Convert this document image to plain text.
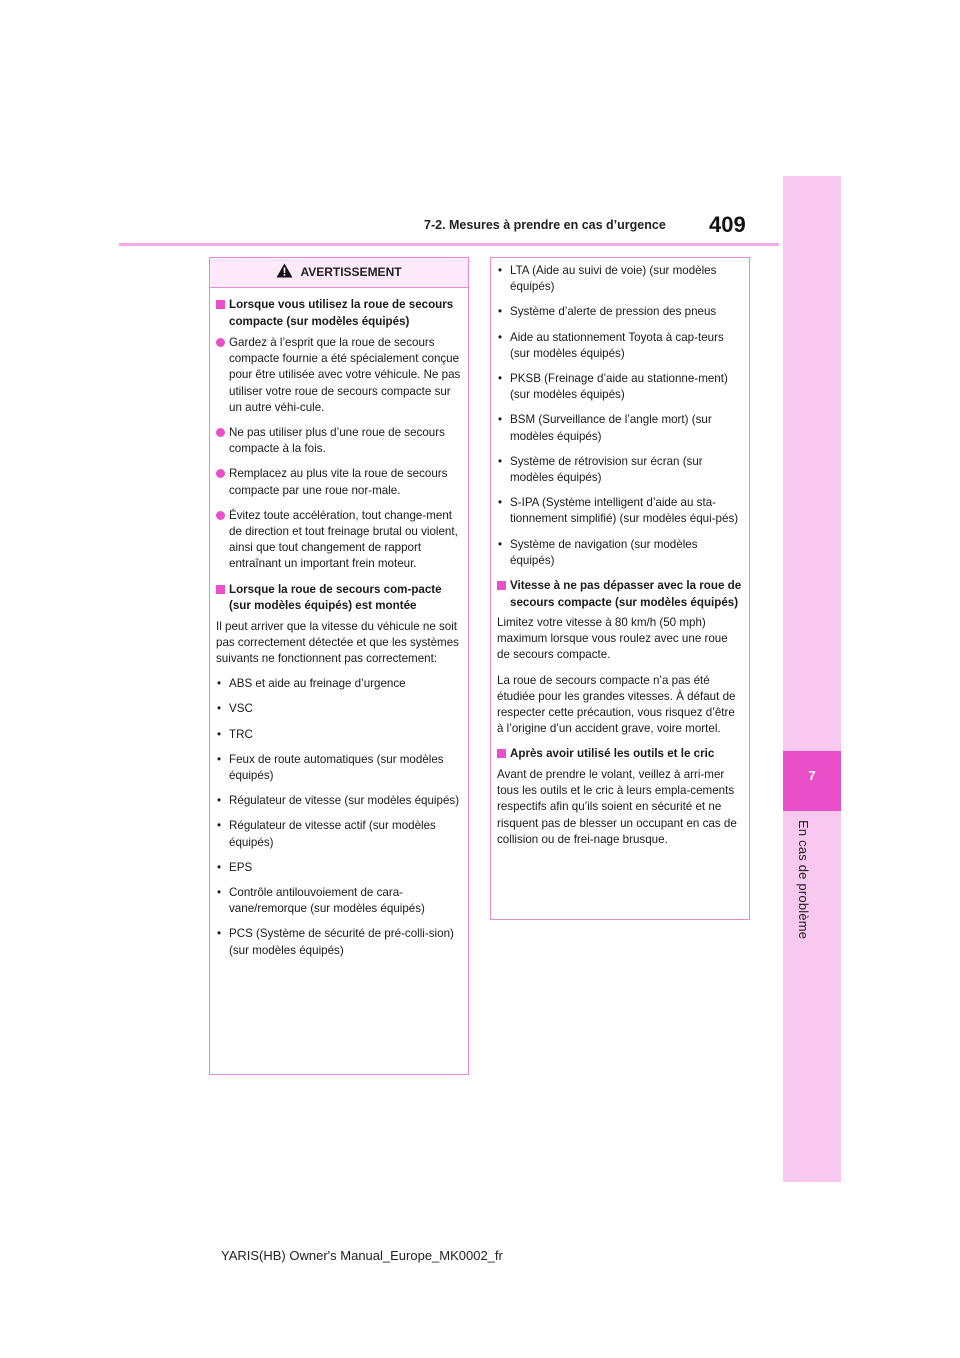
7-2. Mesures à prendre en cas d’urgence 409
7
En cas de problème
AVERTISSEMENT
Lorsque vous utilisez la roue de secours compacte (sur modèles équipés)
Gardez à l’esprit que la roue de secours compacte fournie a été spécialement conçue pour être utilisée avec votre véhicule. Ne pas utiliser votre roue de secours compacte sur un autre véhi-cule.
Ne pas utiliser plus d’une roue de secours compacte à la fois.
Remplacez au plus vite la roue de secours compacte par une roue nor-male.
Évitez toute accélération, tout change-ment de direction et tout freinage brutal ou violent, ainsi que tout changement de rapport entraînant un important frein moteur.
Lorsque la roue de secours com-pacte (sur modèles équipés) est montée
Il peut arriver que la vitesse du véhicule ne soit pas correctement détectée et que les systèmes suivants ne fonctionnent pas correctement:
• ABS et aide au freinage d’urgence
• VSC
• TRC
• Feux de route automatiques (sur modèles équipés)
• Régulateur de vitesse (sur modèles équipés)
• Régulateur de vitesse actif (sur modèles équipés)
• EPS
• Contrôle antilouvoiement de cara-vane/remorque (sur modèles équipés)
• PCS (Système de sécurité de pré-colli-sion) (sur modèles équipés)
• LTA (Aide au suivi de voie) (sur modèles équipés)
• Système d’alerte de pression des pneus
• Aide au stationnement Toyota à cap-teurs (sur modèles équipés)
• PKSB (Freinage d’aide au stationne-ment) (sur modèles équipés)
• BSM (Surveillance de l’angle mort) (sur modèles équipés)
• Système de rétrovision sur écran (sur modèles équipés)
• S-IPA (Système intelligent d’aide au sta-tionnement simplifié) (sur modèles équi-pés)
• Système de navigation (sur modèles équipés)
Vitesse à ne pas dépasser avec la roue de secours compacte (sur modèles équipés)
Limitez votre vitesse à 80 km/h (50 mph) maximum lorsque vous roulez avec une roue de secours compacte.
La roue de secours compacte n’a pas été étudiée pour les grandes vitesses. À défaut de respecter cette précaution, vous risquez d’être à l’origine d’un accident grave, voire mortel.
Après avoir utilisé les outils et le cric
Avant de prendre le volant, veillez à arri-mer tous les outils et le cric à leurs empla-cements respectifs afin qu’ils soient en sécurité et ne risquent pas de blesser un occupant en cas de collision ou de frei-nage brusque.
YARIS(HB) Owner's Manual_Europe_MK0002_fr
